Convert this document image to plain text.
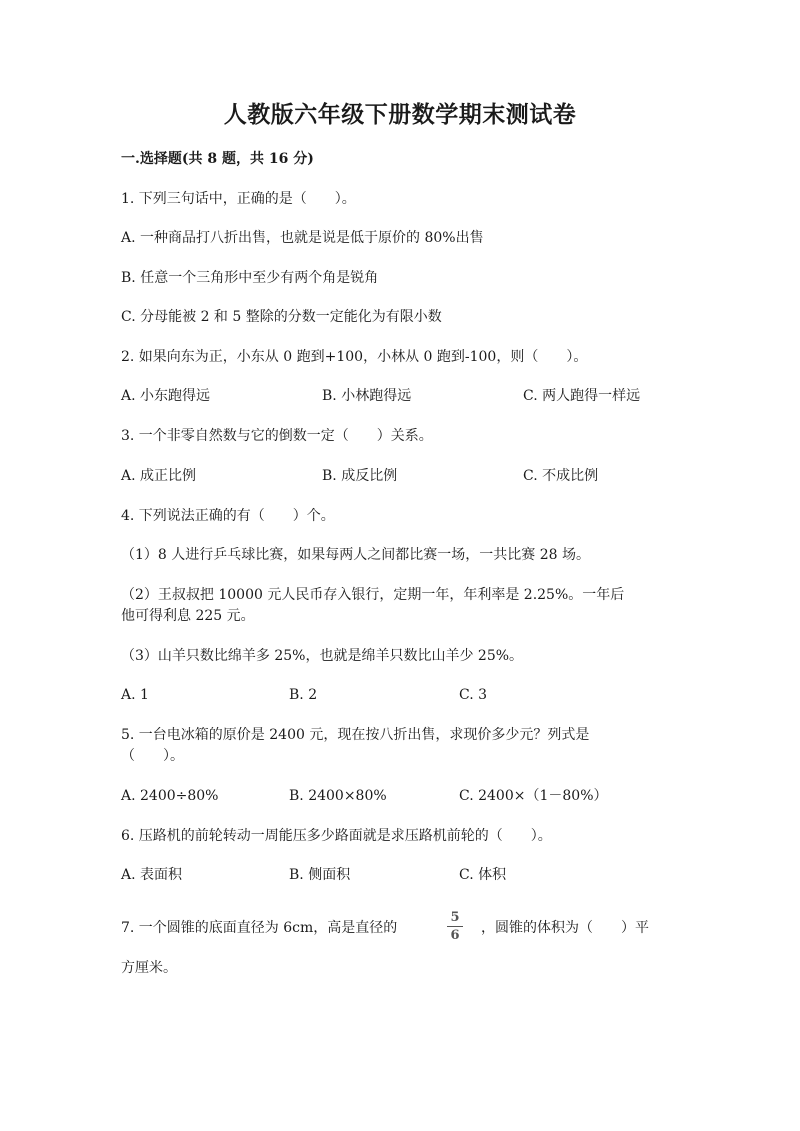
人教版六年级下册数学期末测试卷
一.选择题(共 8 题，共 16 分)
1. 下列三句话中，正确的是（　　）。
A. 一种商品打八折出售，也就是说是低于原价的 80%出售
B. 任意一个三角形中至少有两个角是锐角
C. 分母能被 2 和 5 整除的分数一定能化为有限小数
2. 如果向东为正，小东从 0 跑到+100，小林从 0 跑到-100，则（　　）。
A. 小东跑得远	B. 小林跑得远	C. 两人跑得一样远
3. 一个非零自然数与它的倒数一定（　　）关系。
A. 成正比例	B. 成反比例	C. 不成比例
4. 下列说法正确的有（　　）个。
（1）8 人进行乒乓球比赛，如果每两人之间都比赛一场，一共比赛 28 场。
（2）王叔叔把 10000 元人民币存入银行，定期一年，年利率是 2.25%。一年后
他可得利息 225 元。
（3）山羊只数比绵羊多 25%，也就是绵羊只数比山羊少 25%。
A. 1	B. 2	C. 3
5. 一台电冰箱的原价是 2400 元，现在按八折出售，求现价多少元？列式是
（　　）。
A. 2400÷80%	B. 2400×80%	C. 2400×（1－80%）
6. 压路机的前轮转动一周能压多少路面就是求压路机前轮的（　　）。
A. 表面积	B. 侧面积	C. 体积
7. 一个圆锥的底面直径为 6cm，高是直径的
5
6	，圆锥的体积为（　　）平
方厘米。
